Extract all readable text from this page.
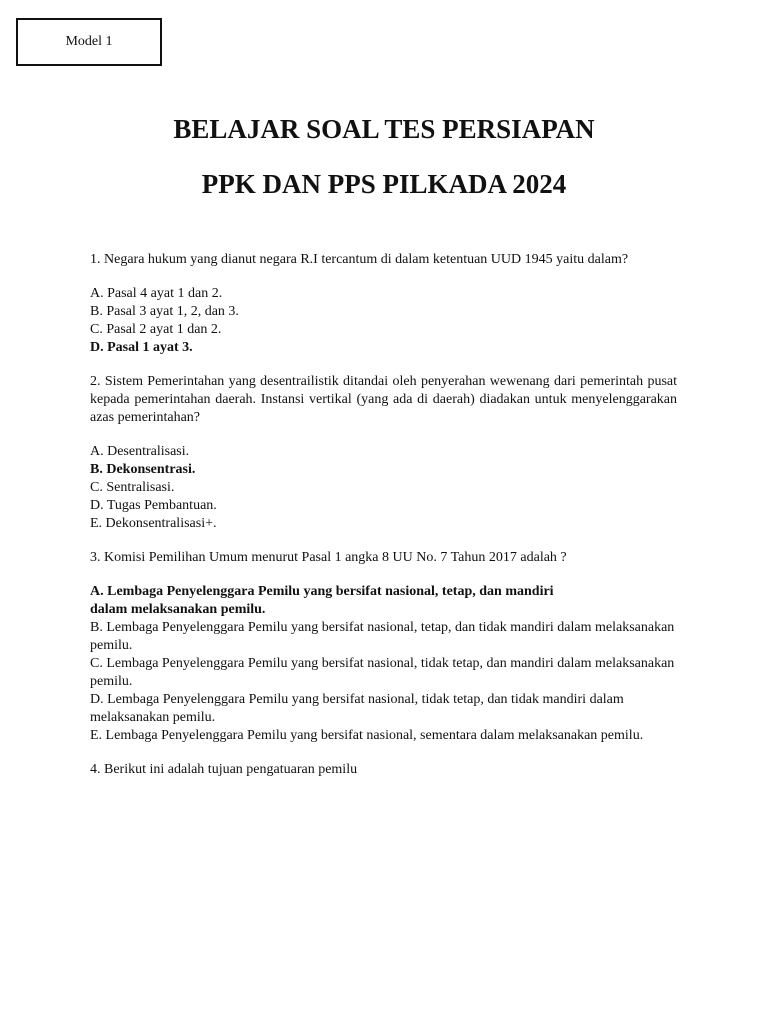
Model 1
BELAJAR SOAL TES PERSIAPAN
PPK DAN PPS PILKADA 2024

1. Negara hukum yang dianut negara R.I tercantum di dalam ketentuan UUD 1945 yaitu dalam?

A. Pasal 4 ayat 1 dan 2.

B. Pasal 3 ayat 1, 2, dan 3.

C. Pasal 2 ayat 1 dan 2.

D. Pasal 1 ayat 3.

2. Sistem Pemerintahan yang desentrailistik ditandai oleh penyerahan wewenang dari pemerintah pusat kepada pemerintahan daerah. Instansi vertikal (yang ada di daerah) diadakan untuk menyelenggarakan azas pemerintahan?

A. Desentralisasi.

B. Dekonsentrasi.

C. Sentralisasi.

D. Tugas Pembantuan.

E. Dekonsentralisasi+.

3. Komisi Pemilihan Umum menurut Pasal 1 angka 8 UU No. 7 Tahun 2017 adalah ?

A. Lembaga Penyelenggara Pemilu yang bersifat nasional, tetap, dan mandiri

dalam melaksanakan pemilu.

B. Lembaga Penyelenggara Pemilu yang bersifat nasional, tetap, dan tidak mandiri dalam melaksanakan pemilu.

C. Lembaga Penyelenggara Pemilu yang bersifat nasional, tidak tetap, dan mandiri dalam melaksanakan pemilu.

D. Lembaga Penyelenggara Pemilu yang bersifat nasional, tidak tetap, dan tidak mandiri dalam melaksanakan pemilu.

E. Lembaga Penyelenggara Pemilu yang bersifat nasional, sementara dalam melaksanakan pemilu.

4. Berikut ini adalah tujuan pengatuaran pemilu
